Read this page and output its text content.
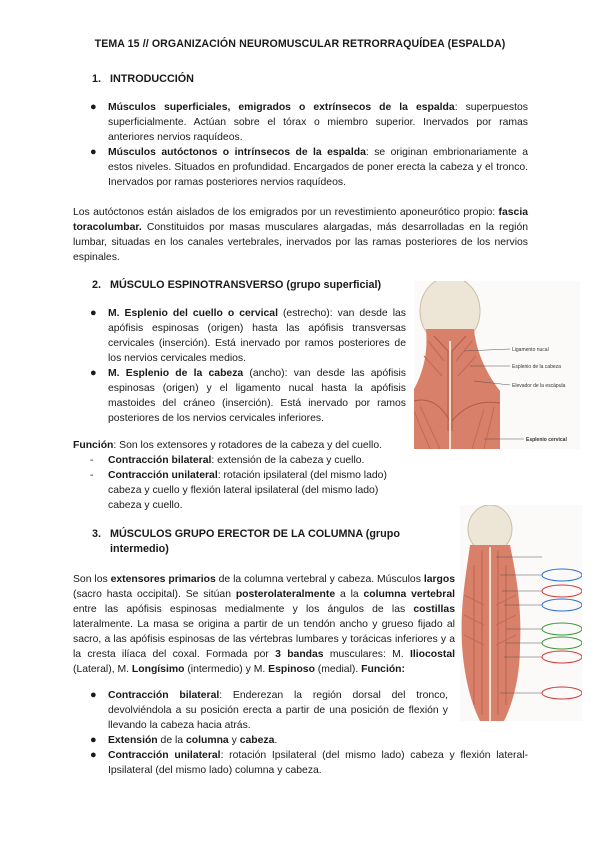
TEMA 15 // ORGANIZACIÓN NEUROMUSCULAR RETRORRAQUÍDEA (ESPALDA)
1. INTRODUCCIÓN
● Músculos superficiales, emigrados o extrínsecos de la espalda: superpuestos superficialmente. Actúan sobre el tórax o miembro superior. Inervados por ramas anteriores nervios raquídeos.
● Músculos autóctonos o intrínsecos de la espalda: se originan embrionariamente a estos niveles. Situados en profundidad. Encargados de poner erecta la cabeza y el tronco. Inervados por ramas posteriores nervios raquídeos.
Los autóctonos están aislados de los emigrados por un revestimiento aponeurótico propio: fascia toracolumbar. Constituidos por masas musculares alargadas, más desarrolladas en la región lumbar, situadas en los canales vertebrales, inervados por las ramas posteriores de los nervios espinales.
2. MÚSCULO ESPINOTRANSVERSO (grupo superficial)
● M. Esplenio del cuello o cervical (estrecho): van desde las apófisis espinosas (origen) hasta las apófisis transversas cervicales (inserción). Está inervado por ramos posteriores de los nervios cervicales medios.
● M. Esplenio de la cabeza (ancho): van desde las apófisis espinosas (origen) y el ligamento nucal hasta la apófisis mastoides del cráneo (inserción). Está inervado por ramos posteriores de los nervios cervicales inferiores.
Función: Son los extensores y rotadores de la cabeza y del cuello.
- Contracción bilateral: extensión de la cabeza y cuello.
- Contracción unilateral: rotación ipsilateral (del mismo lado) cabeza y cuello y flexión lateral ipsilateral (del mismo lado) cabeza y cuello.
Ligamento nucal
Esplenio de la cabeza
Elevador de la escápula
Esplenio cervical
3. MÚSCULOS GRUPO ERECTOR DE LA COLUMNA (grupo
intermedio)
Son los extensores primarios de la columna vertebral y cabeza. Músculos largos (sacro hasta occipital). Se sitúan posterolateralmente a la columna vertebral entre las apófisis espinosas medialmente y los ángulos de las costillas lateralmente. La masa se origina a partir de un tendón ancho y grueso fijado al sacro, a las apófisis espinosas de las vértebras lumbares y torácicas inferiores y a la cresta ilíaca del coxal. Formada por 3 bandas musculares: M. Iliocostal (Lateral), M. Longísimo (intermedio) y M. Espinoso (medial). Función:
● Contracción bilateral: Enderezan la región dorsal del tronco, devolviéndola a su posición erecta a partir de una posición de flexión y llevando la cabeza hacia atrás.
● Extensión de la columna y cabeza.
● Contracción unilateral: rotación Ipsilateral (del mismo lado) cabeza y flexión lateral-Ipsilateral (del mismo lado) columna y cabeza.
